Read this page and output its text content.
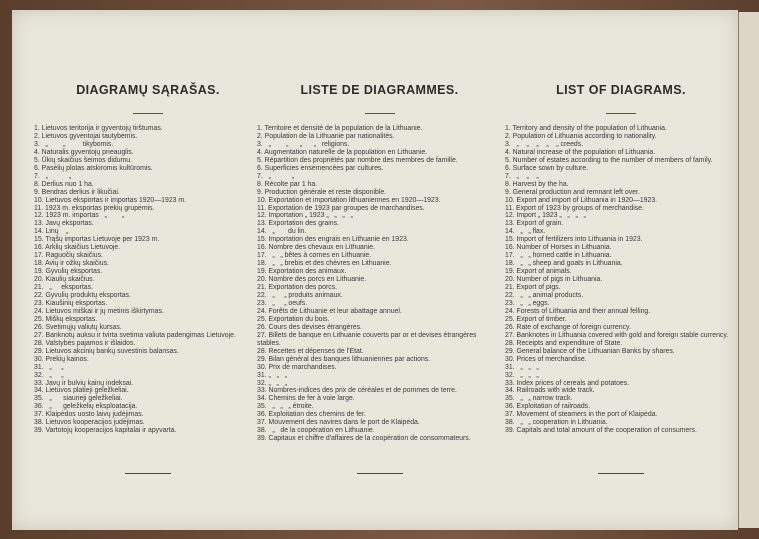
DIAGRAMŲ SĄRAŠAS.
1. Lietuvos teritorija ir gyventojų tirštumas.
2. Lietuvos gyventojai tautybėmis.
3.   „        „         tikybomis.
4. Naturalis gyventojų prieauglis.
5. Ūkių skaičius šeimos didumu.
6. Pasėlių plotas atskiromis kultūromis.
7.   „           „
8. Derlius nuo 1 ha.
9. Bendras derlius ir likučiai.
10. Lietuvos eksportas ir importas 1920—1923 m.
11. 1923 m. eksportas prekių grupėmis.
12. 1923 m. importas   „        „
13. Javų eksportas.
14. Linų    „
15. Trąšų importas Lietuvoje per 1923 m.
16. Arklių skaičius Lietuvoje.
17. Raguočių skaičius.
18. Avių ir ožkų skaičius.
19. Gyvulių eksportas.
20. Kiaulių skaičius.
21.   „     eksportas.
22. Gyvulių produktų eksportas.
23. Kiaušinių eksportas.
24. Lietuvos miškai ir jų metinis iškirtymas.
25. Miškų eksportas.
26. Svetimųjų valiutų kursas.
27. Banknotų auksu ir tvirta svetima valiuta padengimas Lietuvoje.
28. Valstybės pajamos ir išlaidos.
29. Lietuvos akcinių bankų suvestinis balansas.
30. Prekių kainos.
31.   „     „
32.   „     „
33. Javų ir bulvių kainų indeksai.
34. Lietuvos platieji geležkeliai.
35.   „      siaurieji geležkeliai.
36.   „      geležkelių eksploatacija.
37. Klaipėdos uosto laivų judėjimas.
38. Lietuvos kooperacijos judėjimas.
39. Vartotojų kooperacijos kapitalai ir apyvarta.
LISTE DE DIAGRAMMES.
1. Territoire et densité de la population de la Lithuanie.
2. Population de la Lithuanie par nationalités.
3.   „        „      „      „   religions.
4. Augmentation naturelle de la population en Lithuanie.
5. Répartition des propriétés par nombre des membres de famille.
6. Superficies ensemencées par cultures.
7.   „           „
8. Récolte par 1 ha.
9. Production générale et reste disponible.
10. Exportation et importation lithuaniennes en 1920—1923.
11. Exportation de 1923 par groupes de marchandises.
12. Importation „ 1923 „   „   „   „
13. Exportation des grains.
14.   „       du lin.
15. Importation des engrais en Lithuanie en 1923.
16. Nombre des chevaux en Lithuanie.
17.   „   „ bêtes à cornes en Lithuanie.
18.   „   „ brebis et des chèvres en Lithuanie.
19. Exportation des animaux.
20. Nombre des porcs en Lithuanie.
21. Exportation des porcs.
22.   „     „ produits animaux.
23.   „     „ oeufs.
24. Forêts de Lithuanie et leur abattage annuel.
25. Exportation du bois.
26. Cours des devises étrangères.
27. Billets de banque en Lithuanie couverts par or et devises étrangères stables.
28. Recettes et dépenses de l'Etat.
29. Bilan général des banques lithuaniennes par actions.
30. Prix de marchandises.
31. „   „   „
32. „   „   „
33. Nombres-indices des prix de céréales et de pommes de terre.
34. Chemins de fer à voie large.
35.   „   „   „ étroite.
36. Exploitation des chemins de fer.
37. Mouvement des navires dans le port de Klaipėda.
38.   „   de la coopération en Lithuanie.
39. Capitaux et chiffre d'affaires de la coopération de consommateurs.
LIST OF DIAGRAMS.
1. Territory and density of the population of Lithuania.
2. Population of Lithuania according to nationality.
3.   „    „    „    „    „ creeds.
4. Natural increase of the population of Lithuania.
5. Number of estates according to the number of members of family.
6. Surface sown by culture.
7.   „    „    „
8. Harvest by the ha.
9. General production and remnant left over.
10. Export and import of Lithuania in 1920—1923.
11. Export of 1923 by groups of merchandise.
12. Import „ 1923 „   „   „   „
13. Export of grain.
14.   „   „ flax.
15. Import of fertilizers into Lithuania in 1923.
16. Number of Horses in Lithuania.
17.   „   „ horned cattle in Lithuania.
18.   „   „ sheep and goats in Lithuania.
19. Export of animals.
20. Number of pigs in Lithuania.
21. Export of pigs.
22.   „   „ animal products.
23.   „   „ eggs.
24. Forests of Lithuania and their annual felling.
25. Export of timber.
26. Rate of exchange of foreign currency.
27. Banknotes in Lithuania covered with gold and foreign stable currency.
28. Receipts and expenditure of State.
29. General balance of the Lithuanian Banks by shares.
30. Prices of merchandise.
31.   „   „   „
32.   „   „   „
33. Index prices of cereals and potatoes.
34. Railroads with wide track.
35.   „   „ narrow track.
36. Exploitation of railroads.
37. Movement of steamers in the port of Klaipėda.
38.   „   „ cooperation in Lithuania.
39. Capitals and total amount of the cooperation of consumers.
